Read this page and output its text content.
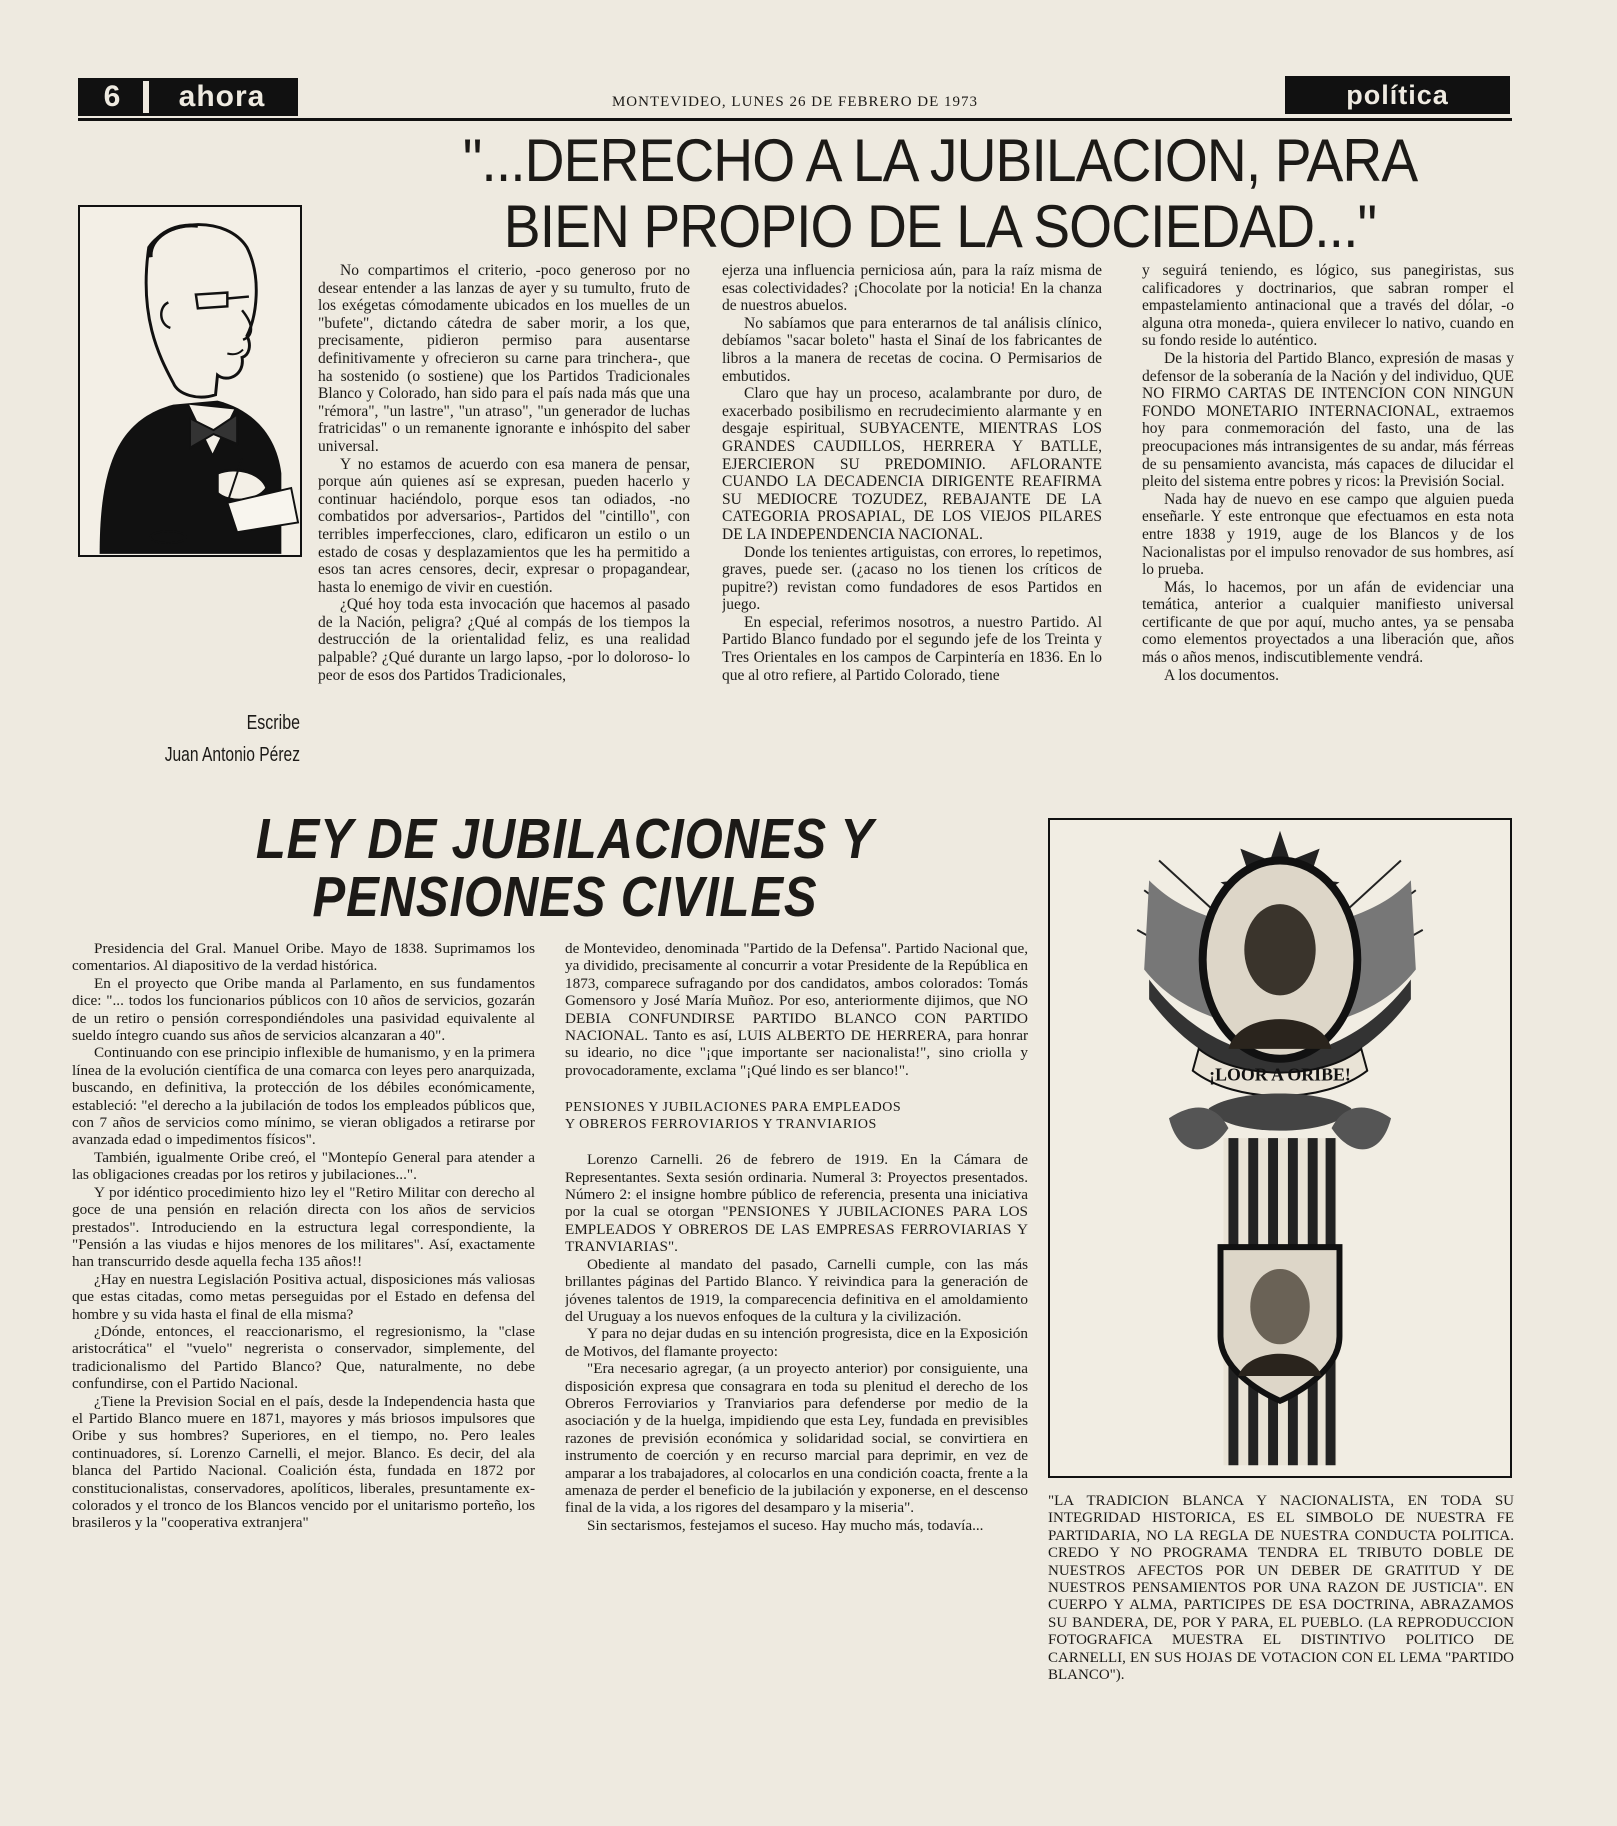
6	ahora	MONTEVIDEO, LUNES 26 DE FEBRERO DE 1973	política
"...DERECHO A LA JUBILACION, PARA
BIEN PROPIO DE LA SOCIEDAD..."
Escribe
Juan Antonio Pérez

No compartimos el criterio, -poco generoso por no desear entender a las lanzas de ayer y su tumulto, fruto de los exégetas cómodamente ubicados en los muelles de un "bufete", dictando cátedra de saber morir, a los que, precisamente, pidieron permiso para ausentarse definitivamente y ofrecieron su carne para trinchera-, que ha sostenido (o sostiene) que los Partidos Tradicionales Blanco y Colorado, han sido para el país nada más que una "rémora", "un lastre", "un atraso", "un generador de luchas fratricidas" o un remanente ignorante e inhóspito del saber universal.

Y no estamos de acuerdo con esa manera de pensar, porque aún quienes así se expresan, pueden hacerlo y continuar haciéndolo, porque esos tan odiados, -no combatidos por adversarios-, Partidos del "cintillo", con terribles imperfecciones, claro, edificaron un estilo o un estado de cosas y desplazamientos que les ha permitido a esos tan acres censores, decir, expresar o propagandear, hasta lo enemigo de vivir en cuestión.

¿Qué hoy toda esta invocación que hacemos al pasado de la Nación, peligra? ¿Qué al compás de los tiempos la destrucción de la orientalidad feliz, es una realidad palpable? ¿Qué durante un largo lapso, -por lo doloroso- lo peor de esos dos Partidos Tradicionales,

ejerza una influencia perniciosa aún, para la raíz misma de esas colectividades? ¡Chocolate por la noticia! En la chanza de nuestros abuelos.

No sabíamos que para enterarnos de tal análisis clínico, debíamos "sacar boleto" hasta el Sinaí de los fabricantes de libros a la manera de recetas de cocina. O Permisarios de embutidos.

Claro que hay un proceso, acalambrante por duro, de exacerbado posibilismo en recrudecimiento alarmante y en desgaje espiritual, SUBYACENTE, MIENTRAS LOS GRANDES CAUDILLOS, HERRERA Y BATLLE, EJERCIERON SU PREDOMINIO. AFLORANTE CUANDO LA DECADENCIA DIRIGENTE REAFIRMA SU MEDIOCRE TOZUDEZ, REBAJANTE DE LA CATEGORIA PROSAPIAL, DE LOS VIEJOS PILARES DE LA INDEPENDENCIA NACIONAL.

Donde los tenientes artiguistas, con errores, lo repetimos, graves, puede ser. (¿acaso no los tienen los críticos de pupitre?) revistan como fundadores de esos Partidos en juego.

En especial, referimos nosotros, a nuestro Partido. Al Partido Blanco fundado por el segundo jefe de los Treinta y Tres Orientales en los campos de Carpintería en 1836. En lo que al otro refiere, al Partido Colorado, tiene

y seguirá teniendo, es lógico, sus panegiristas, sus calificadores y doctrinarios, que sabran romper el empastelamiento antinacional que a través del dólar, -o alguna otra moneda-, quiera envilecer lo nativo, cuando en su fondo reside lo auténtico.

De la historia del Partido Blanco, expresión de masas y defensor de la soberanía de la Nación y del individuo, QUE NO FIRMO CARTAS DE INTENCION CON NINGUN FONDO MONETARIO INTERNACIONAL, extraemos hoy para conmemoración del fasto, una de las preocupaciones más intransigentes de su andar, más férreas de su pensamiento avancista, más capaces de dilucidar el pleito del sistema entre pobres y ricos: la Previsión Social.

Nada hay de nuevo en ese campo que alguien pueda enseñarle. Y este entronque que efectuamos en esta nota entre 1838 y 1919, auge de los Blancos y de los Nacionalistas por el impulso renovador de sus hombres, así lo prueba.

Más, lo hacemos, por un afán de evidenciar una temática, anterior a cualquier manifiesto universal certificante de que por aquí, mucho antes, ya se pensaba como elementos proyectados a una liberación que, años más o años menos, indiscutiblemente vendrá.

A los documentos.

LEY DE JUBILACIONES Y
PENSIONES CIVILES

Presidencia del Gral. Manuel Oribe. Mayo de 1838. Suprimamos los comentarios. Al diapositivo de la verdad histórica.

En el proyecto que Oribe manda al Parlamento, en sus fundamentos dice: "... todos los funcionarios públicos con 10 años de servicios, gozarán de un retiro o pensión correspondiéndoles una pasividad equivalente al sueldo íntegro cuando sus años de servicios alcanzaran a 40".

Continuando con ese principio inflexible de humanismo, y en la primera línea de la evolución científica de una comarca con leyes pero anarquizada, buscando, en definitiva, la protección de los débiles económicamente, estableció: "el derecho a la jubilación de todos los empleados públicos que, con 7 años de servicios como mínimo, se vieran obligados a retirarse por avanzada edad o impedimentos físicos".

También, igualmente Oribe creó, el "Montepío General para atender a las obligaciones creadas por los retiros y jubilaciones...".

Y por idéntico procedimiento hizo ley el "Retiro Militar con derecho al goce de una pensión en relación directa con los años de servicios prestados". Introduciendo en la estructura legal correspondiente, la "Pensión a las viudas e hijos menores de los militares". Así, exactamente han transcurrido desde aquella fecha 135 años!!

¿Hay en nuestra Legislación Positiva actual, disposiciones más valiosas que estas citadas, como metas perseguidas por el Estado en defensa del hombre y su vida hasta el final de ella misma?

¿Dónde, entonces, el reaccionarismo, el regresionismo, la "clase aristocrática" el "vuelo" negrerista o conservador, simplemente, del tradicionalismo del Partido Blanco? Que, naturalmente, no debe confundirse, con el Partido Nacional.

¿Tiene la Prevision Social en el país, desde la Independencia hasta que el Partido Blanco muere en 1871, mayores y más briosos impulsores que Oribe y sus hombres? Superiores, en el tiempo, no. Pero leales continuadores, sí. Lorenzo Carnelli, el mejor. Blanco. Es decir, del ala blanca del Partido Nacional. Coalición ésta, fundada en 1872 por constitucionalistas, conservadores, apolíticos, liberales, presuntamente ex-colorados y el tronco de los Blancos vencido por el unitarismo porteño, los brasileros y la "cooperativa extranjera"

de Montevideo, denominada "Partido de la Defensa". Partido Nacional que, ya dividido, precisamente al concurrir a votar Presidente de la República en 1873, comparece sufragando por dos candidatos, ambos colorados: Tomás Gomensoro y José María Muñoz. Por eso, anteriormente dijimos, que NO DEBIA CONFUNDIRSE PARTIDO BLANCO CON PARTIDO NACIONAL. Tanto es así, LUIS ALBERTO DE HERRERA, para honrar su ideario, no dice "¡que importante ser nacionalista!", sino criolla y provocadoramente, exclama "¡Qué lindo es ser blanco!".

PENSIONES Y JUBILACIONES PARA EMPLEADOS
Y OBREROS FERROVIARIOS Y TRANVIARIOS

Lorenzo Carnelli. 26 de febrero de 1919. En la Cámara de Representantes. Sexta sesión ordinaria. Numeral 3: Proyectos presentados. Número 2: el insigne hombre público de referencia, presenta una iniciativa por la cual se otorgan "PENSIONES Y JUBILACIONES PARA LOS EMPLEADOS Y OBREROS DE LAS EMPRESAS FERROVIARIAS Y TRANVIARIAS".

Obediente al mandato del pasado, Carnelli cumple, con las más brillantes páginas del Partido Blanco. Y reivindica para la generación de jóvenes talentos de 1919, la comparecencia definitiva en el amoldamiento del Uruguay a los nuevos enfoques de la cultura y la civilización.

Y para no dejar dudas en su intención progresista, dice en la Exposición de Motivos, del flamante proyecto:

"Era necesario agregar, (a un proyecto anterior) por consiguiente, una disposición expresa que consagrara en toda su plenitud el derecho de los Obreros Ferroviarios y Tranviarios para defenderse por medio de la asociación y de la huelga, impidiendo que esta Ley, fundada en previsibles razones de previsión económica y solidaridad social, se convirtiera en instrumento de coerción y en recurso marcial para deprimir, en vez de amparar a los trabajadores, al colocarlos en una condición coacta, frente a la amenaza de perder el beneficio de la jubilación y exponerse, en el descenso final de la vida, a los rigores del desamparo y la miseria".

Sin sectarismos, festejamos el suceso. Hay mucho más, todavía...

¡LOOR A ORIBE!
"LA TRADICION BLANCA Y NACIONALISTA, EN TODA SU INTEGRIDAD HISTORICA, ES EL SIMBOLO DE NUESTRA FE PARTIDARIA, NO LA REGLA DE NUESTRA CONDUCTA POLITICA. CREDO Y NO PROGRAMA TENDRA EL TRIBUTO DOBLE DE NUESTROS AFECTOS POR UN DEBER DE GRATITUD Y DE NUESTROS PENSAMIENTOS POR UNA RAZON DE JUSTICIA". EN CUERPO Y ALMA, PARTICIPES DE ESA DOCTRINA, ABRAZAMOS SU BANDERA, DE, POR Y PARA, EL PUEBLO. (LA REPRODUCCION FOTOGRAFICA MUESTRA EL DISTINTIVO POLITICO DE CARNELLI, EN SUS HOJAS DE VOTACION CON EL LEMA "PARTIDO BLANCO").
